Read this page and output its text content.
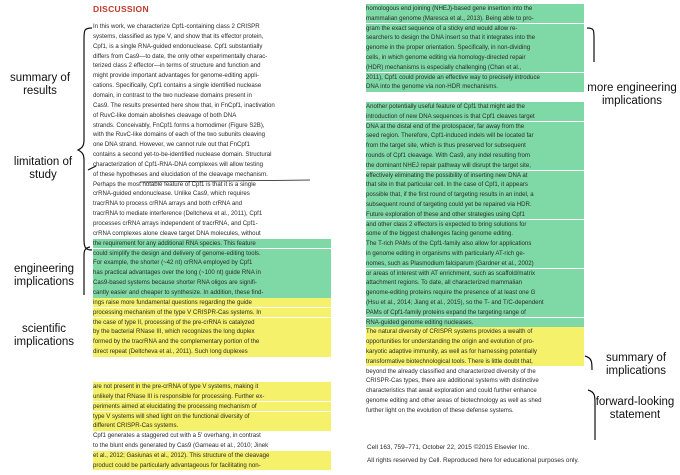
DISCUSSION
In this work, we characterize Cpf1-containing class 2 CRISPR
systems, classified as type V, and show that its effector protein,
Cpf1, is a single RNA-guided endonuclease. Cpf1 substantially
differs from Cas9—to date, the only other experimentally charac-
terized class 2 effector—in terms of structure and function and
might provide important advantages for genome-editing appli-
cations. Specifically, Cpf1 contains a single identified nuclease
domain, in contrast to the two nuclease domains present in
Cas9. The results presented here show that, in FnCpf1, inactivation
of RuvC-like domain abolishes cleavage of both DNA
strands. Conceivably, FnCpf1 forms a homodimer (Figure S2B),
with the RuvC-like domains of each of the two subunits cleaving
one DNA strand. However, we cannot rule out that FnCpf1
contains a second yet-to-be-identified nuclease domain. Structural
characterization of Cpf1-RNA-DNA complexes will allow testing
of these hypotheses and elucidation of the cleavage mechanism.
Perhaps the most notable feature of Cpf1 is that it is a single
crRNA-guided endonuclease. Unlike Cas9, which requires
tracrRNA to process crRNA arrays and both crRNA and
tracrRNA to mediate interference (Deltcheva et al., 2011), Cpf1
processes crRNA arrays independent of tracrRNA, and Cpf1-
crRNA complexes alone cleave target DNA molecules, without
the requirement for any additional RNA species. This feature
could simplify the design and delivery of genome-editing tools.
For example, the shorter (~42 nt) crRNA employed by Cpf1
has practical advantages over the long (~100 nt) guide RNA in
Cas9-based systems because shorter RNA oligos are signifi-
cantly easier and cheaper to synthesize. In addition, these find-
ings raise more fundamental questions regarding the guide
processing mechanism of the type V CRISPR-Cas systems. In
the case of type II, processing of the pre-crRNA is catalyzed
by the bacterial RNase III, which recognizes the long duplex
formed by the tracrRNA and the complementary portion of the
direct repeat (Deltcheva et al., 2011). Such long duplexes
are not present in the pre-crRNA of type V systems, making it
unlikely that RNase III is responsible for processing. Further ex-
periments aimed at elucidating the processing mechanism of
type V systems will shed light on the functional diversity of
different CRISPR-Cas systems.
Cpf1 generates a staggered cut with a 5' overhang, in contrast
to the blunt ends generated by Cas9 (Garneau et al., 2010; Jinek
et al., 2012; Gasiunas et al., 2012). This structure of the cleavage
product could be particularly advantageous for facilitating non-
homologous end joining (NHEJ)-based gene insertion into the
mammalian genome (Maresca et al., 2013). Being able to pro-
gram the exact sequence of a sticky end would allow re-
searchers to design the DNA insert so that it integrates into the
genome in the proper orientation. Specifically, in non-dividing
cells, in which genome editing via homology-directed repair
(HDR) mechanisms is especially challenging (Chan et al.,
2011), Cpf1 could provide an effective way to precisely introduce
DNA into the genome via non-HDR mechanisms.
Another potentially useful feature of Cpf1 that might aid the
introduction of new DNA sequences is that Cpf1 cleaves target
DNA at the distal end of the protospacer, far away from the
seed region. Therefore, Cpf1-induced indels will be located far
from the target site, which is thus preserved for subsequent
rounds of Cpf1 cleavage. With Cas9, any indel resulting from
the dominant NHEJ repair pathway will disrupt the target site,
effectively eliminating the possibility of inserting new DNA at
that site in that particular cell. In the case of Cpf1, it appears
possible that, if the first round of targeting results in an indel, a
subsequent round of targeting could yet be repaired via HDR.
Future exploration of these and other strategies using Cpf1
and other class 2 effectors is expected to bring solutions for
some of the biggest challenges facing genome editing.
The T-rich PAMs of the Cpf1-family also allow for applications
in genome editing in organisms with particularly AT-rich ge-
nomes, such as Plasmodium falciparum (Gardner et al., 2002)
or areas of interest with AT enrichment, such as scaffold/matrix
attachment regions. To date, all characterized mammalian
genome-editing proteins require the presence of at least one G
(Hsu et al., 2014; Jiang et al., 2015), so the T- and T/C-dependent
PAMs of Cpf1-family proteins expand the targeting range of
RNA-guided genome editing nucleases.
The natural diversity of CRISPR systems provides a wealth of
opportunities for understanding the origin and evolution of pro-
karyotic adaptive immunity, as well as for harnessing potentially
transformative biotechnological tools. There is little doubt that,
beyond the already classified and characterized diversity of the
CRISPR-Cas types, there are additional systems with distinctive
characteristics that await exploration and could further enhance
genome editing and other areas of biotechnology as well as shed
further light on the evolution of these defense systems.
summary of results
limitation of study
engineering implications
scientific implications
more engineering implications
summary of implications
forward-looking statement
Cell 163, 759–771, October 22, 2015 ©2015 Elsevier Inc.
All rights reserved by Cell. Reproduced here for educational purposes only.
